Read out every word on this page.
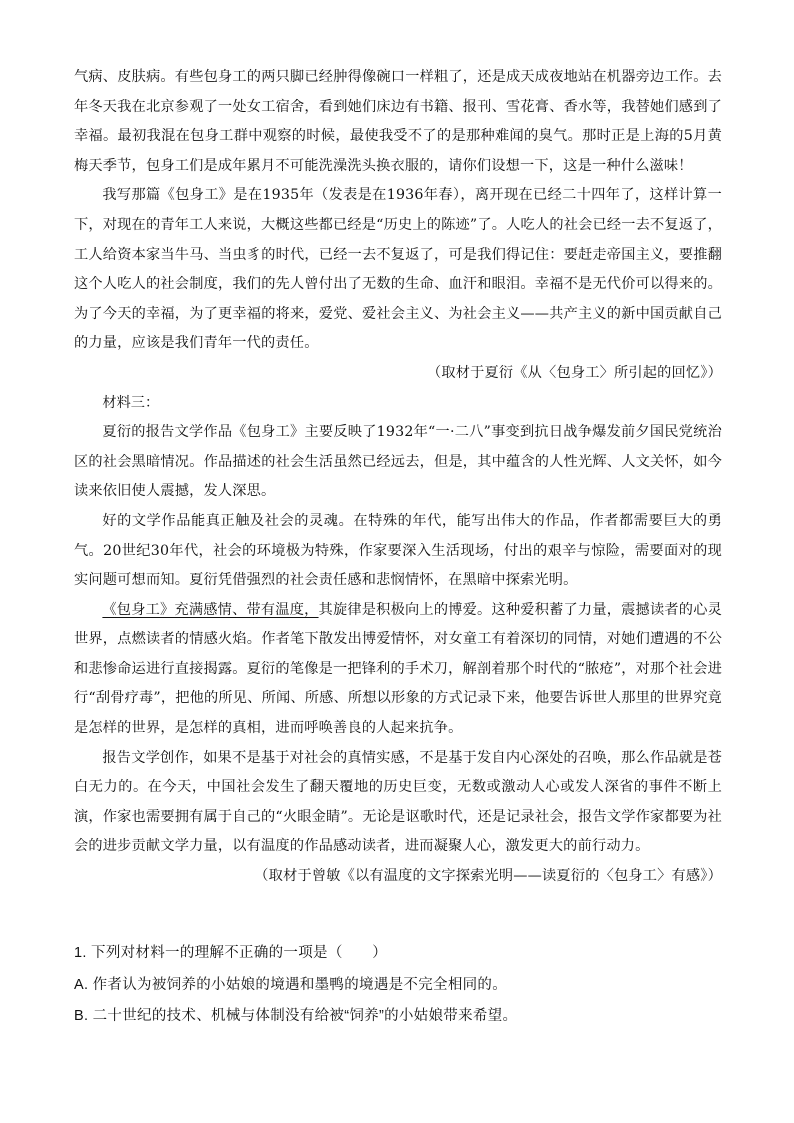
气病、皮肤病。有些包身工的两只脚已经肿得像碗口一样粗了，还是成天成夜地站在机器旁边工作。去年冬天我在北京参观了一处女工宿舍，看到她们床边有书籍、报刊、雪花膏、香水等，我替她们感到了幸福。最初我混在包身工群中观察的时候，最使我受不了的是那种难闻的臭气。那时正是上海的5月黄梅天季节，包身工们是成年累月不可能洗澡洗头换衣服的，请你们设想一下，这是一种什么滋味！

我写那篇《包身工》是在1935年（发表是在1936年春），离开现在已经二十四年了，这样计算一下，对现在的青年工人来说，大概这些都已经是“历史上的陈迹”了。人吃人的社会已经一去不复返了，工人给资本家当牛马、当虫豸的时代，已经一去不复返了，可是我们得记住：要赶走帝国主义，要推翻这个人吃人的社会制度，我们的先人曾付出了无数的生命、血汗和眼泪。幸福不是无代价可以得来的。为了今天的幸福，为了更幸福的将来，爱党、爱社会主义、为社会主义——共产主义的新中国贡献自己的力量，应该是我们青年一代的责任。

（取材于夏衍《从〈包身工〉所引起的回忆》）

材料三：

夏衍的报告文学作品《包身工》主要反映了1932年“一·二八”事变到抗日战争爆发前夕国民党统治区的社会黑暗情况。作品描述的社会生活虽然已经远去，但是，其中蕴含的人性光辉、人文关怀，如今读来依旧使人震撼，发人深思。

好的文学作品能真正触及社会的灵魂。在特殊的年代，能写出伟大的作品，作者都需要巨大的勇气。20世纪30年代，社会的环境极为特殊，作家要深入生活现场，付出的艰辛与惊险，需要面对的现实问题可想而知。夏衍凭借强烈的社会责任感和悲悯情怀，在黑暗中探索光明。

《包身工》充满感情、带有温度，其旋律是积极向上的博爱。这种爱积蓄了力量，震撼读者的心灵世界，点燃读者的情感火焰。作者笔下散发出博爱情怀，对女童工有着深切的同情，对她们遭遇的不公和悲惨命运进行直接揭露。夏衍的笔像是一把锋利的手术刀，解剖着那个时代的“脓疮”，对那个社会进行“刮骨疗毒”，把他的所见、所闻、所感、所想以形象的方式记录下来，他要告诉世人那里的世界究竟是怎样的世界，是怎样的真相，进而呼唤善良的人起来抗争。

报告文学创作，如果不是基于对社会的真情实感，不是基于发自内心深处的召唤，那么作品就是苍白无力的。在今天，中国社会发生了翻天覆地的历史巨变，无数或激动人心或发人深省的事件不断上演，作家也需要拥有属于自己的“火眼金睛”。无论是讴歌时代，还是记录社会，报告文学作家都要为社会的进步贡献文学力量，以有温度的作品感动读者，进而凝聚人心，激发更大的前行动力。

（取材于曾敏《以有温度的文字探索光明——读夏衍的〈包身工〉有感》）

1. 下列对材料一的理解不正确的一项是（　　）

A. 作者认为被饲养的小姑娘的境遇和墨鸭的境遇是不完全相同的。

B. 二十世纪的技术、机械与体制没有给被“饲养”的小姑娘带来希望。
